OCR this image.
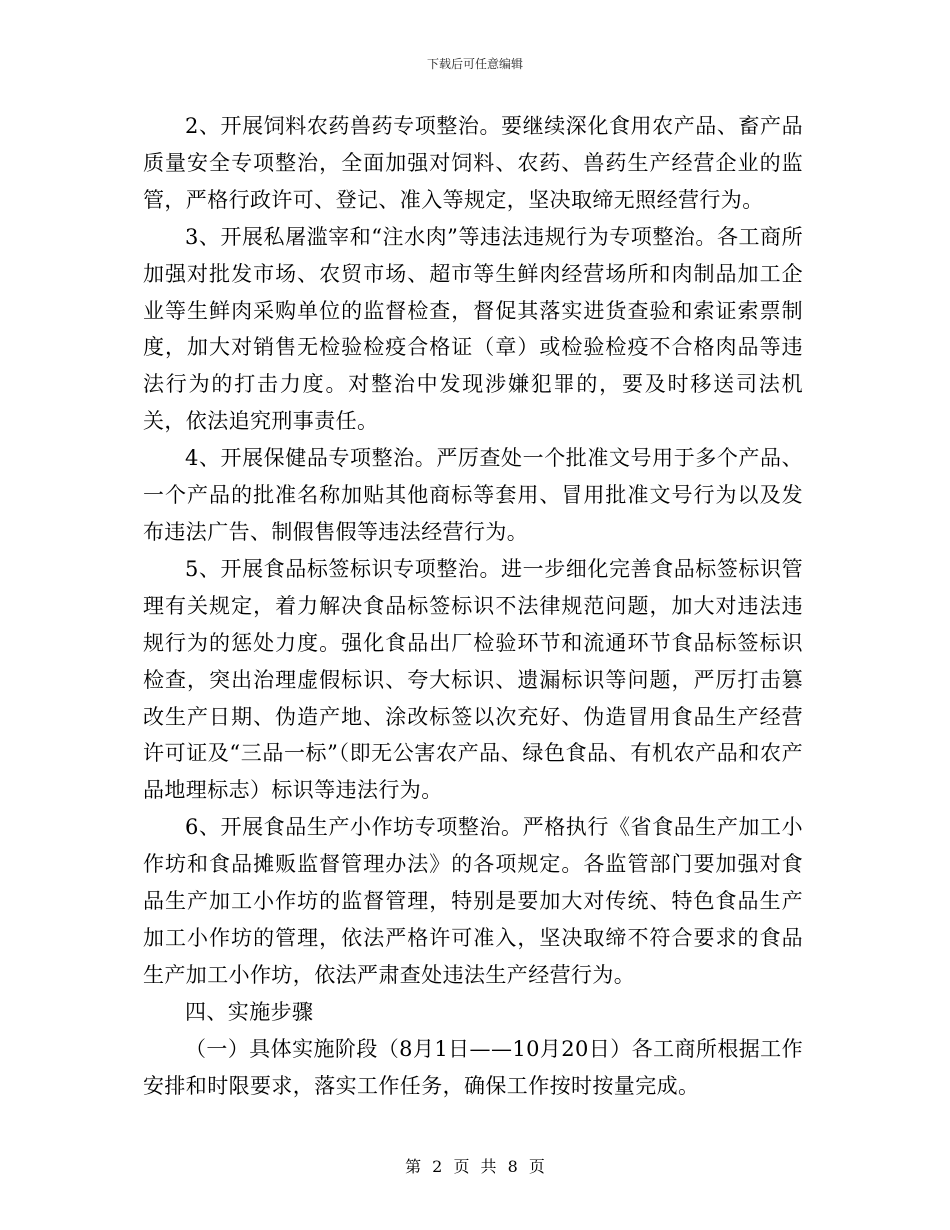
下载后可任意编辑

2、开展饲料农药兽药专项整治。要继续深化食用农产品、畜产品质量安全专项整治，全面加强对饲料、农药、兽药生产经营企业的监管，严格行政许可、登记、准入等规定，坚决取缔无照经营行为。

3、开展私屠滥宰和“注水肉”等违法违规行为专项整治。各工商所加强对批发市场、农贸市场、超市等生鲜肉经营场所和肉制品加工企业等生鲜肉采购单位的监督检查，督促其落实进货查验和索证索票制度，加大对销售无检验检疫合格证（章）或检验检疫不合格肉品等违法行为的打击力度。对整治中发现涉嫌犯罪的，要及时移送司法机关，依法追究刑事责任。

4、开展保健品专项整治。严厉查处一个批准文号用于多个产品、一个产品的批准名称加贴其他商标等套用、冒用批准文号行为以及发布违法广告、制假售假等违法经营行为。

5、开展食品标签标识专项整治。进一步细化完善食品标签标识管理有关规定，着力解决食品标签标识不法律规范问题，加大对违法违规行为的惩处力度。强化食品出厂检验环节和流通环节食品标签标识检查，突出治理虚假标识、夸大标识、遗漏标识等问题，严厉打击篡改生产日期、伪造产地、涂改标签以次充好、伪造冒用食品生产经营许可证及“三品一标”（即无公害农产品、绿色食品、有机农产品和农产品地理标志）标识等违法行为。

6、开展食品生产小作坊专项整治。严格执行《省食品生产加工小作坊和食品摊贩监督管理办法》的各项规定。各监管部门要加强对食品生产加工小作坊的监督管理，特别是要加大对传统、特色食品生产加工小作坊的管理，依法严格许可准入，坚决取缔不符合要求的食品生产加工小作坊，依法严肃查处违法生产经营行为。

四、实施步骤

（一）具体实施阶段（8月1日——10月20日）各工商所根据工作安排和时限要求，落实工作任务，确保工作按时按量完成。

第 2 页 共 8 页
